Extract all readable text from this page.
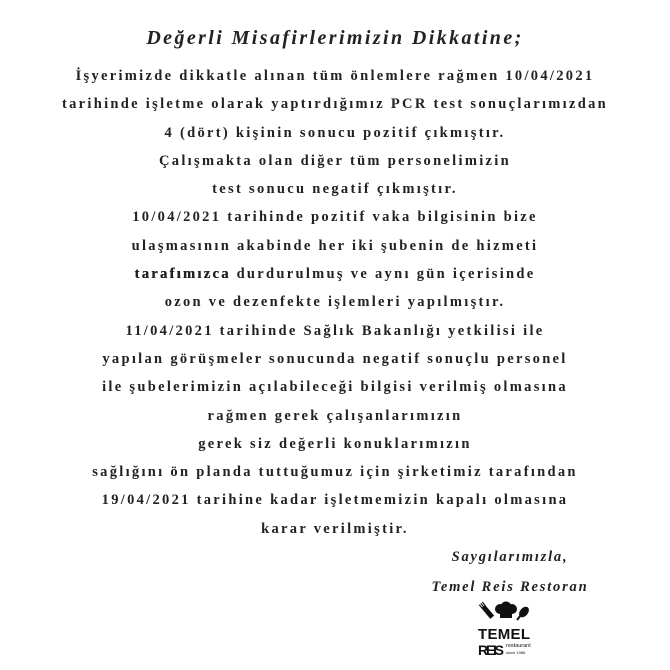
Değerli Misafirlerimizin Dikkatine;
İşyerimizde dikkatle alınan tüm önlemlere rağmen 10/04/2021
tarihinde işletme olarak yaptırdığımız PCR test sonuçlarımızdan
4 (dört) kişinin sonucu pozitif çıkmıştır.
Çalışmakta olan diğer tüm personelimizin
test sonucu negatif çıkmıştır.
10/04/2021 tarihinde pozitif vaka bilgisinin bize
ulaşmasının akabinde her iki şubenin de hizmeti
tarafımızca durdurulmuş ve aynı gün içerisinde
ozon ve dezenfekte işlemleri yapılmıştır.
11/04/2021 tarihinde Sağlık Bakanlığı yetkilisi ile
yapılan görüşmeler sonucunda negatif sonuçlu personel
ile şubelerimizin açılabileceği bilgisi verilmiş olmasına
rağmen gerek çalışanlarımızın
gerek siz değerli konuklarımızın
sağlığını ön planda tuttuğumuz için şirketimiz tarafından
19/04/2021 tarihine kadar işletmemizin kapalı olmasına
karar verilmiştir.
Saygılarımızla,
Temel Reis Restoran
TEMEL
REIS restaurant
since 1986
